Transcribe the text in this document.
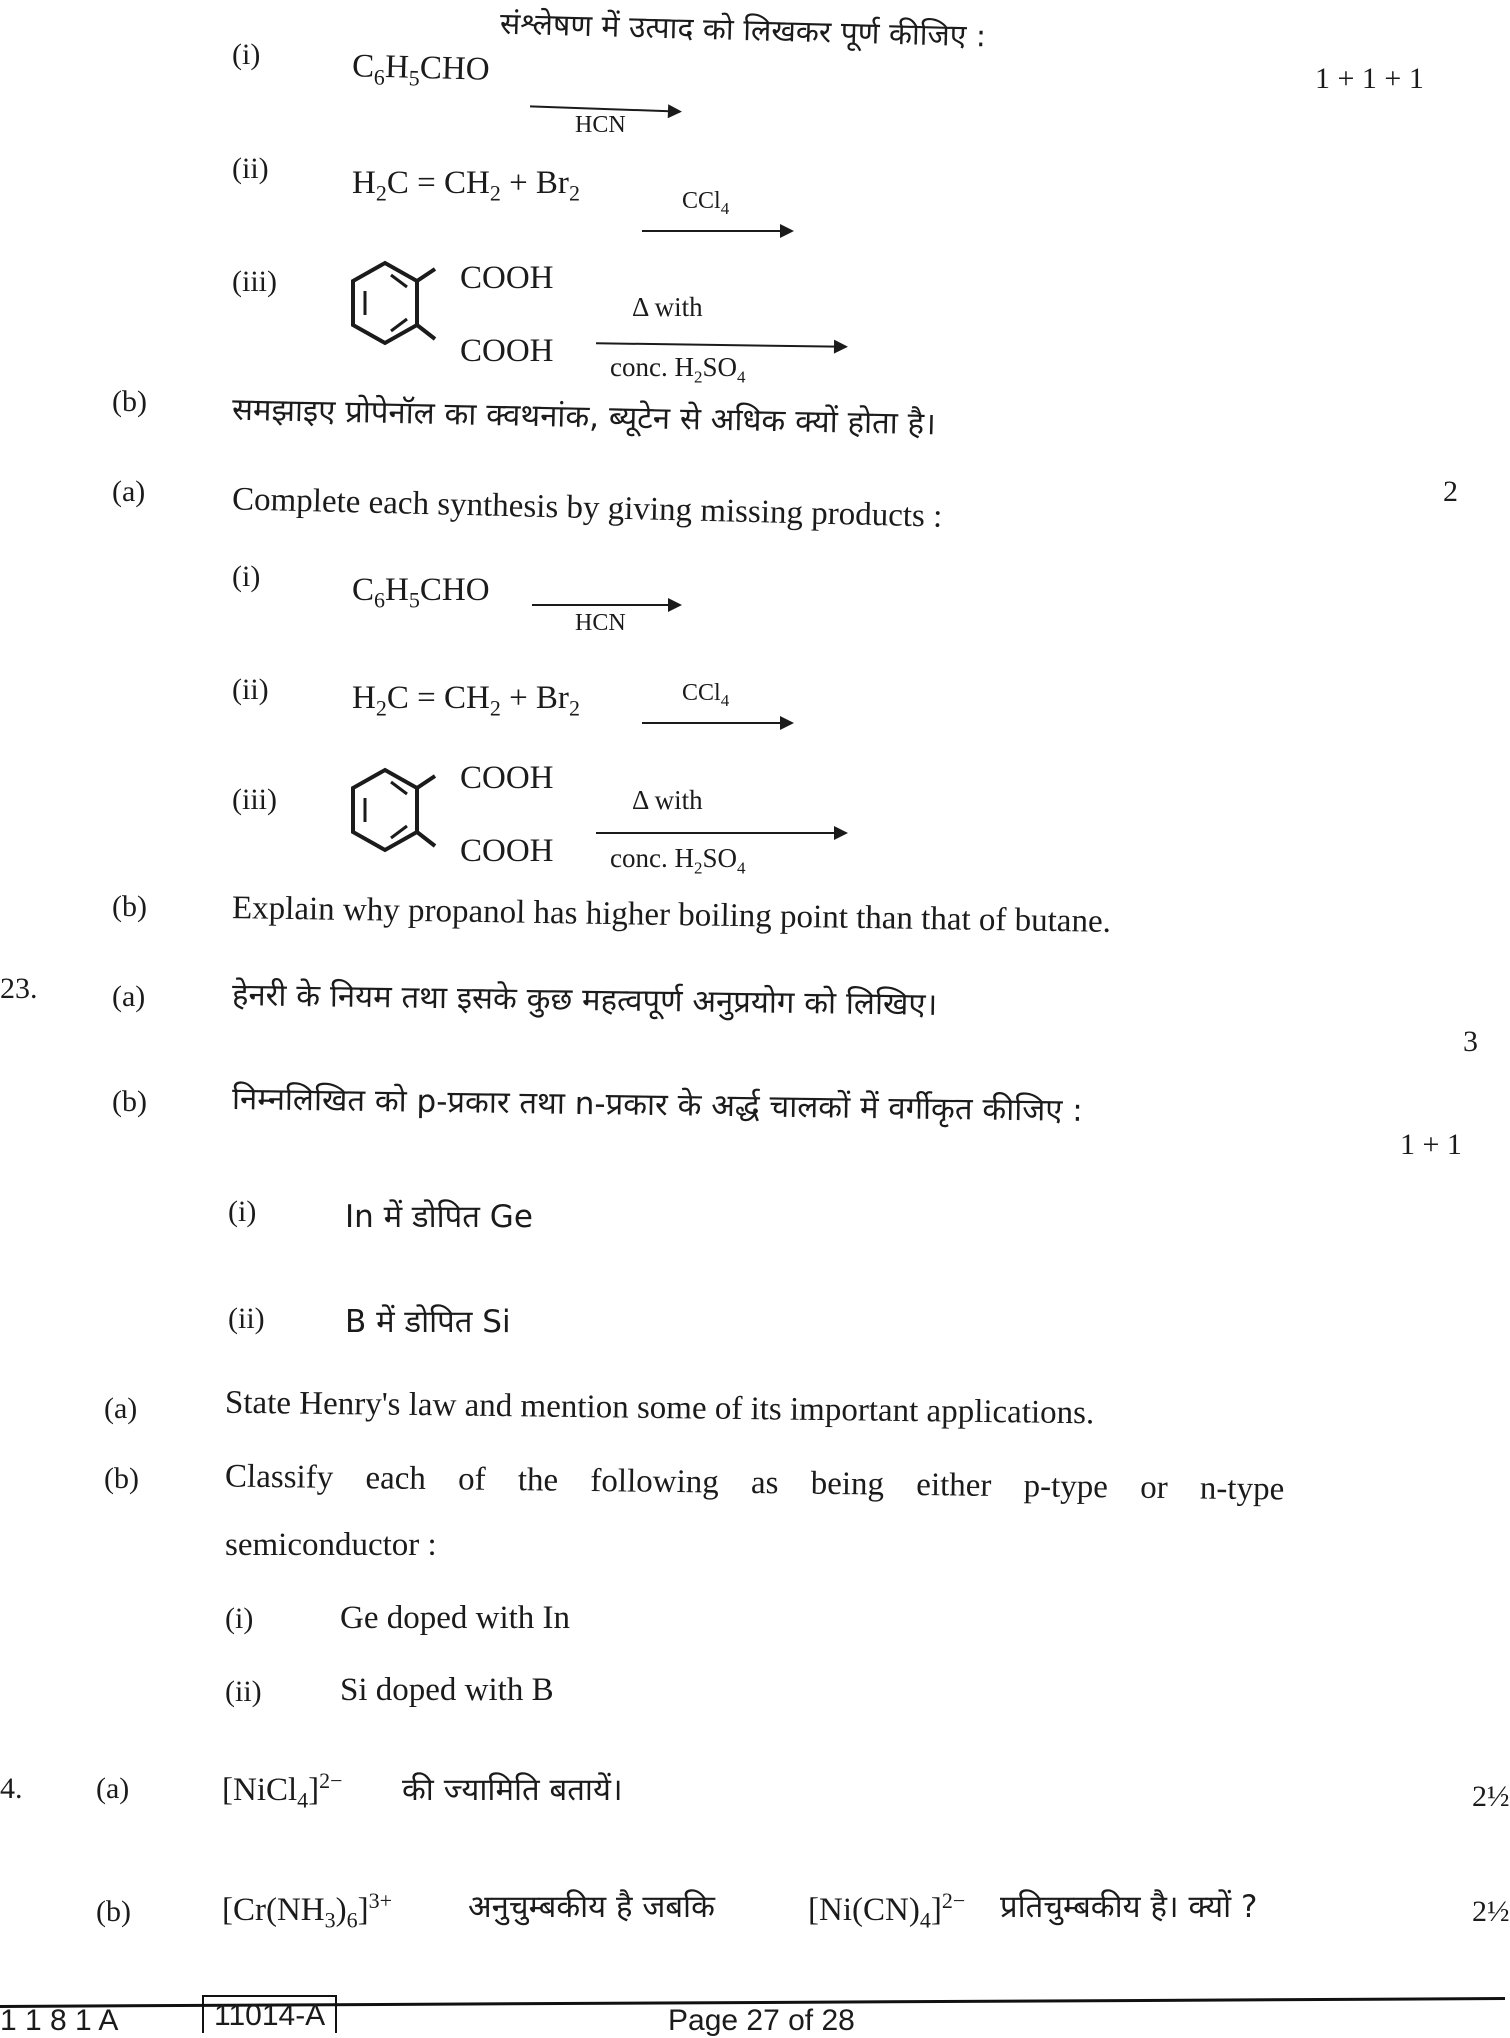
संश्लेषण में उत्पाद को लिखकर पूर्ण कीजिए :
1 + 1 + 1
(i)	$C_6H_5CHO$
HCN
(ii)	$H_2C = CH_2 + Br_2$	CCl$_4$
(iii)	COOH
COOH
Δ with
conc. $H_2SO_4$
(b)	समझाइए प्रोपेनॉल का क्वथनांक, ब्यूटेन से अधिक क्यों होता है।
2
(a)	Complete each synthesis by giving missing products :
(i)	$C_6H_5CHO$
HCN
(ii)	$H_2C = CH_2 + Br_2$
CCl$_4$
(iii)
COOH
COOH
Δ with
conc. $H_2SO_4$
(b)	Explain why propanol has higher boiling point than that of butane.
23. (a)	हेनरी के नियम तथा इसके कुछ महत्वपूर्ण अनुप्रयोग को लिखिए।
3
(b)	निम्नलिखित को p-प्रकार तथा n-प्रकार के अर्द्ध चालकों में वर्गीकृत कीजिए :
1 + 1
(i)	In में डोपित Ge
(ii)	B में डोपित Si
(a)	State Henry's law and mention some of its important applications.
(b)	Classify each of the following as being either p-type or n-type
semiconductor :
(i)	Ge doped with In
(ii) Si doped with B
4. (a)	[NiCl$_4$]$^{2-}$ की ज्यामिति बतायें।	2½
(b)	$[Cr(NH_3)_6]^{3+}$ अनुचुम्बकीय है जबकि	$[Ni(CN)_4]^{2-}$ प्रतिचुम्बकीय है। क्यों ?	2½
1 1 8 1 A	11014-A	Page 27 of 28
